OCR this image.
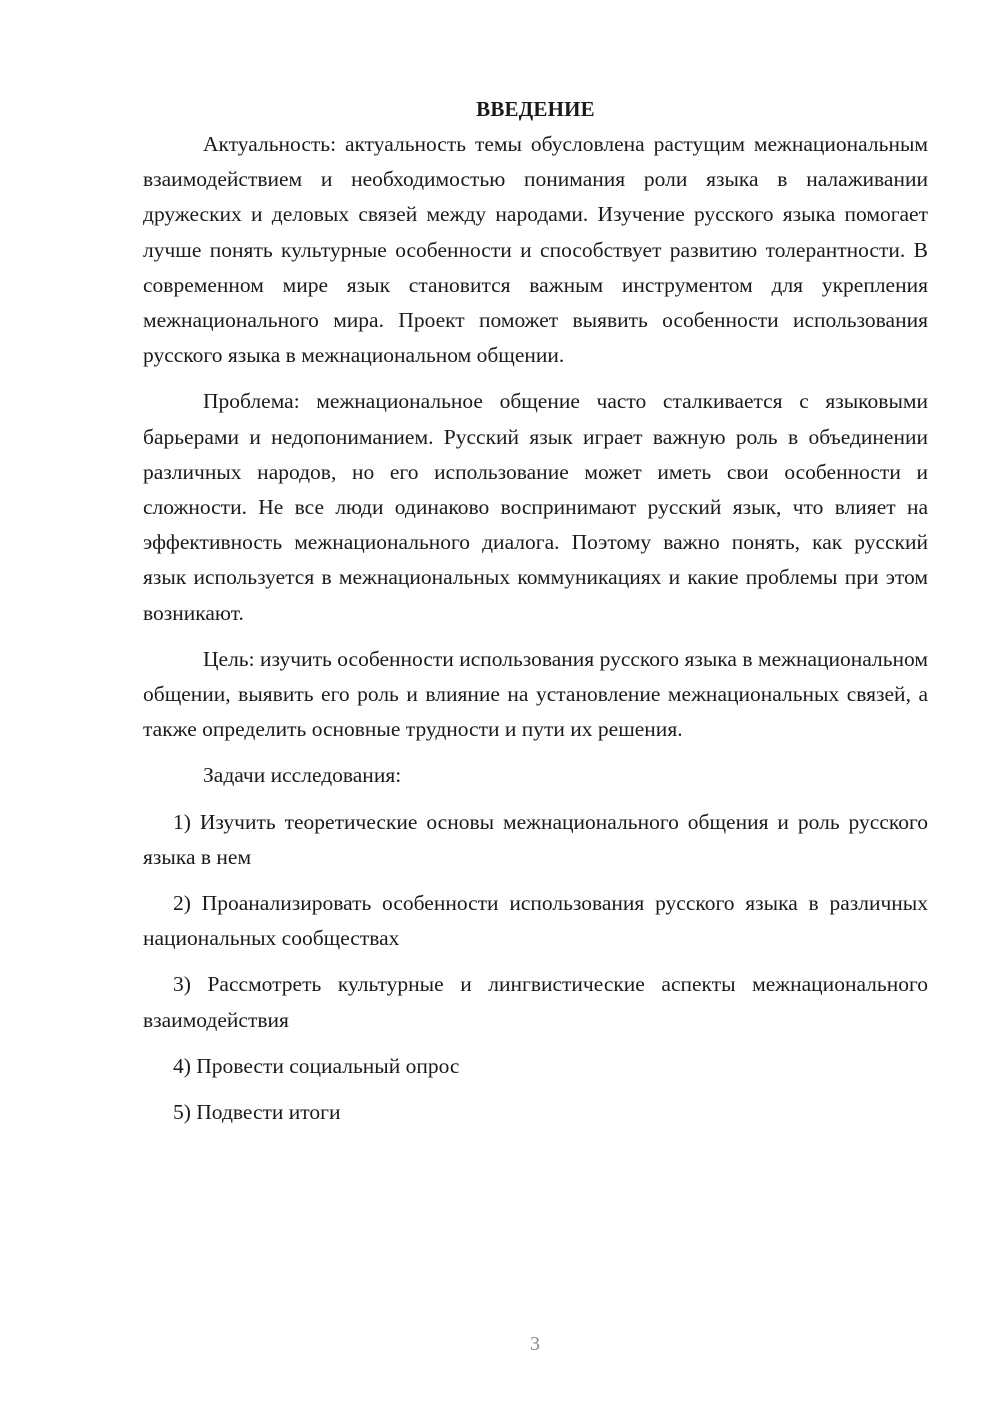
ВВЕДЕНИЕ

Актуальность: актуальность темы обусловлена растущим межнациональным взаимодействием и необходимостью понимания роли языка в налаживании дружеских и деловых связей между народами. Изучение русского языка помогает лучше понять культурные особенности и способствует развитию толерантности. В современном мире язык становится важным инструментом для укрепления межнационального мира. Проект поможет выявить особенности использования русского языка в межнациональном общении.

Проблема: межнациональное общение часто сталкивается с языковыми барьерами и недопониманием. Русский язык играет важную роль в объединении различных народов, но его использование может иметь свои особенности и сложности. Не все люди одинаково воспринимают русский язык, что влияет на эффективность межнационального диалога. Поэтому важно понять, как русский язык используется в межнациональных коммуникациях и какие проблемы при этом возникают.

Цель: изучить особенности использования русского языка в межнациональном общении, выявить его роль и влияние на установление межнациональных связей, а также определить основные трудности и пути их решения.

Задачи исследования:

1) Изучить теоретические основы межнационального общения и роль русского языка в нем

2) Проанализировать особенности использования русского языка в различных национальных сообществах

3) Рассмотреть культурные и лингвистические аспекты межнационального взаимодействия

4) Провести социальный опрос

5) Подвести итоги

3
